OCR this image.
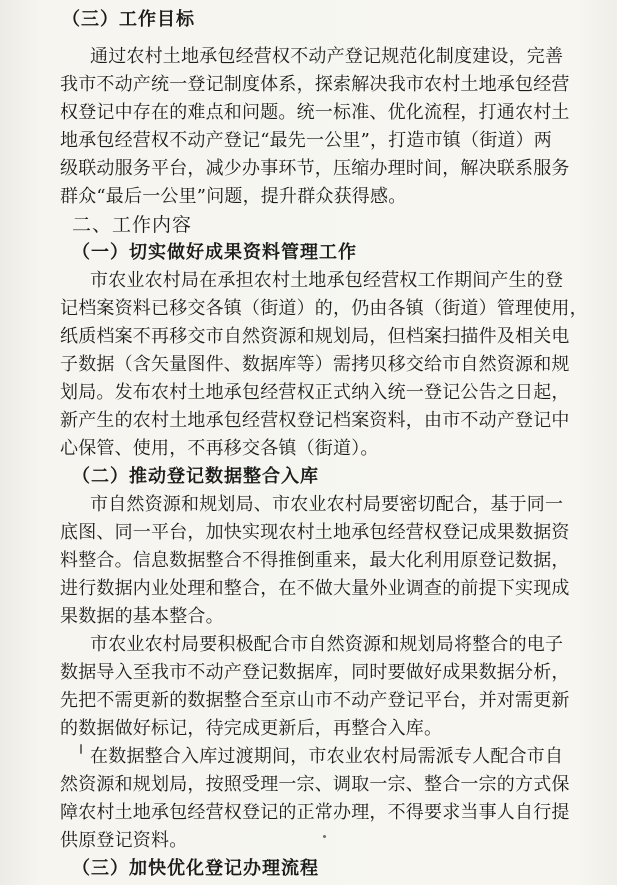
（三）工作目标
通过农村土地承包经营权不动产登记规范化制度建设，完善
我市不动产统一登记制度体系，探索解决我市农村土地承包经营
权登记中存在的难点和问题。统一标准、优化流程，打通农村土
地承包经营权不动产登记“最先一公里”，打造市镇（街道）两
级联动服务平台，减少办事环节，压缩办理时间，解决联系服务
群众“最后一公里”问题，提升群众获得感。
二、工作内容
（一）切实做好成果资料管理工作
市农业农村局在承担农村土地承包经营权工作期间产生的登
记档案资料已移交各镇（街道）的，仍由各镇（街道）管理使用，
纸质档案不再移交市自然资源和规划局，但档案扫描件及相关电
子数据（含矢量图件、数据库等）需拷贝移交给市自然资源和规
划局。发布农村土地承包经营权正式纳入统一登记公告之日起，
新产生的农村土地承包经营权登记档案资料，由市不动产登记中
心保管、使用，不再移交各镇（街道）。
（二）推动登记数据整合入库
市自然资源和规划局、市农业农村局要密切配合，基于同一
底图、同一平台，加快实现农村土地承包经营权登记成果数据资
料整合。信息数据整合不得推倒重来，最大化利用原登记数据，
进行数据内业处理和整合，在不做大量外业调查的前提下实现成
果数据的基本整合。
市农业农村局要积极配合市自然资源和规划局将整合的电子
数据导入至我市不动产登记数据库，同时要做好成果数据分析，
先把不需更新的数据整合至京山市不动产登记平台，并对需更新
的数据做好标记，待完成更新后，再整合入库。
在数据整合入库过渡期间，市农业农村局需派专人配合市自
然资源和规划局，按照受理一宗、调取一宗、整合一宗的方式保
障农村土地承包经营权登记的正常办理，不得要求当事人自行提
供原登记资料。
（三）加快优化登记办理流程
